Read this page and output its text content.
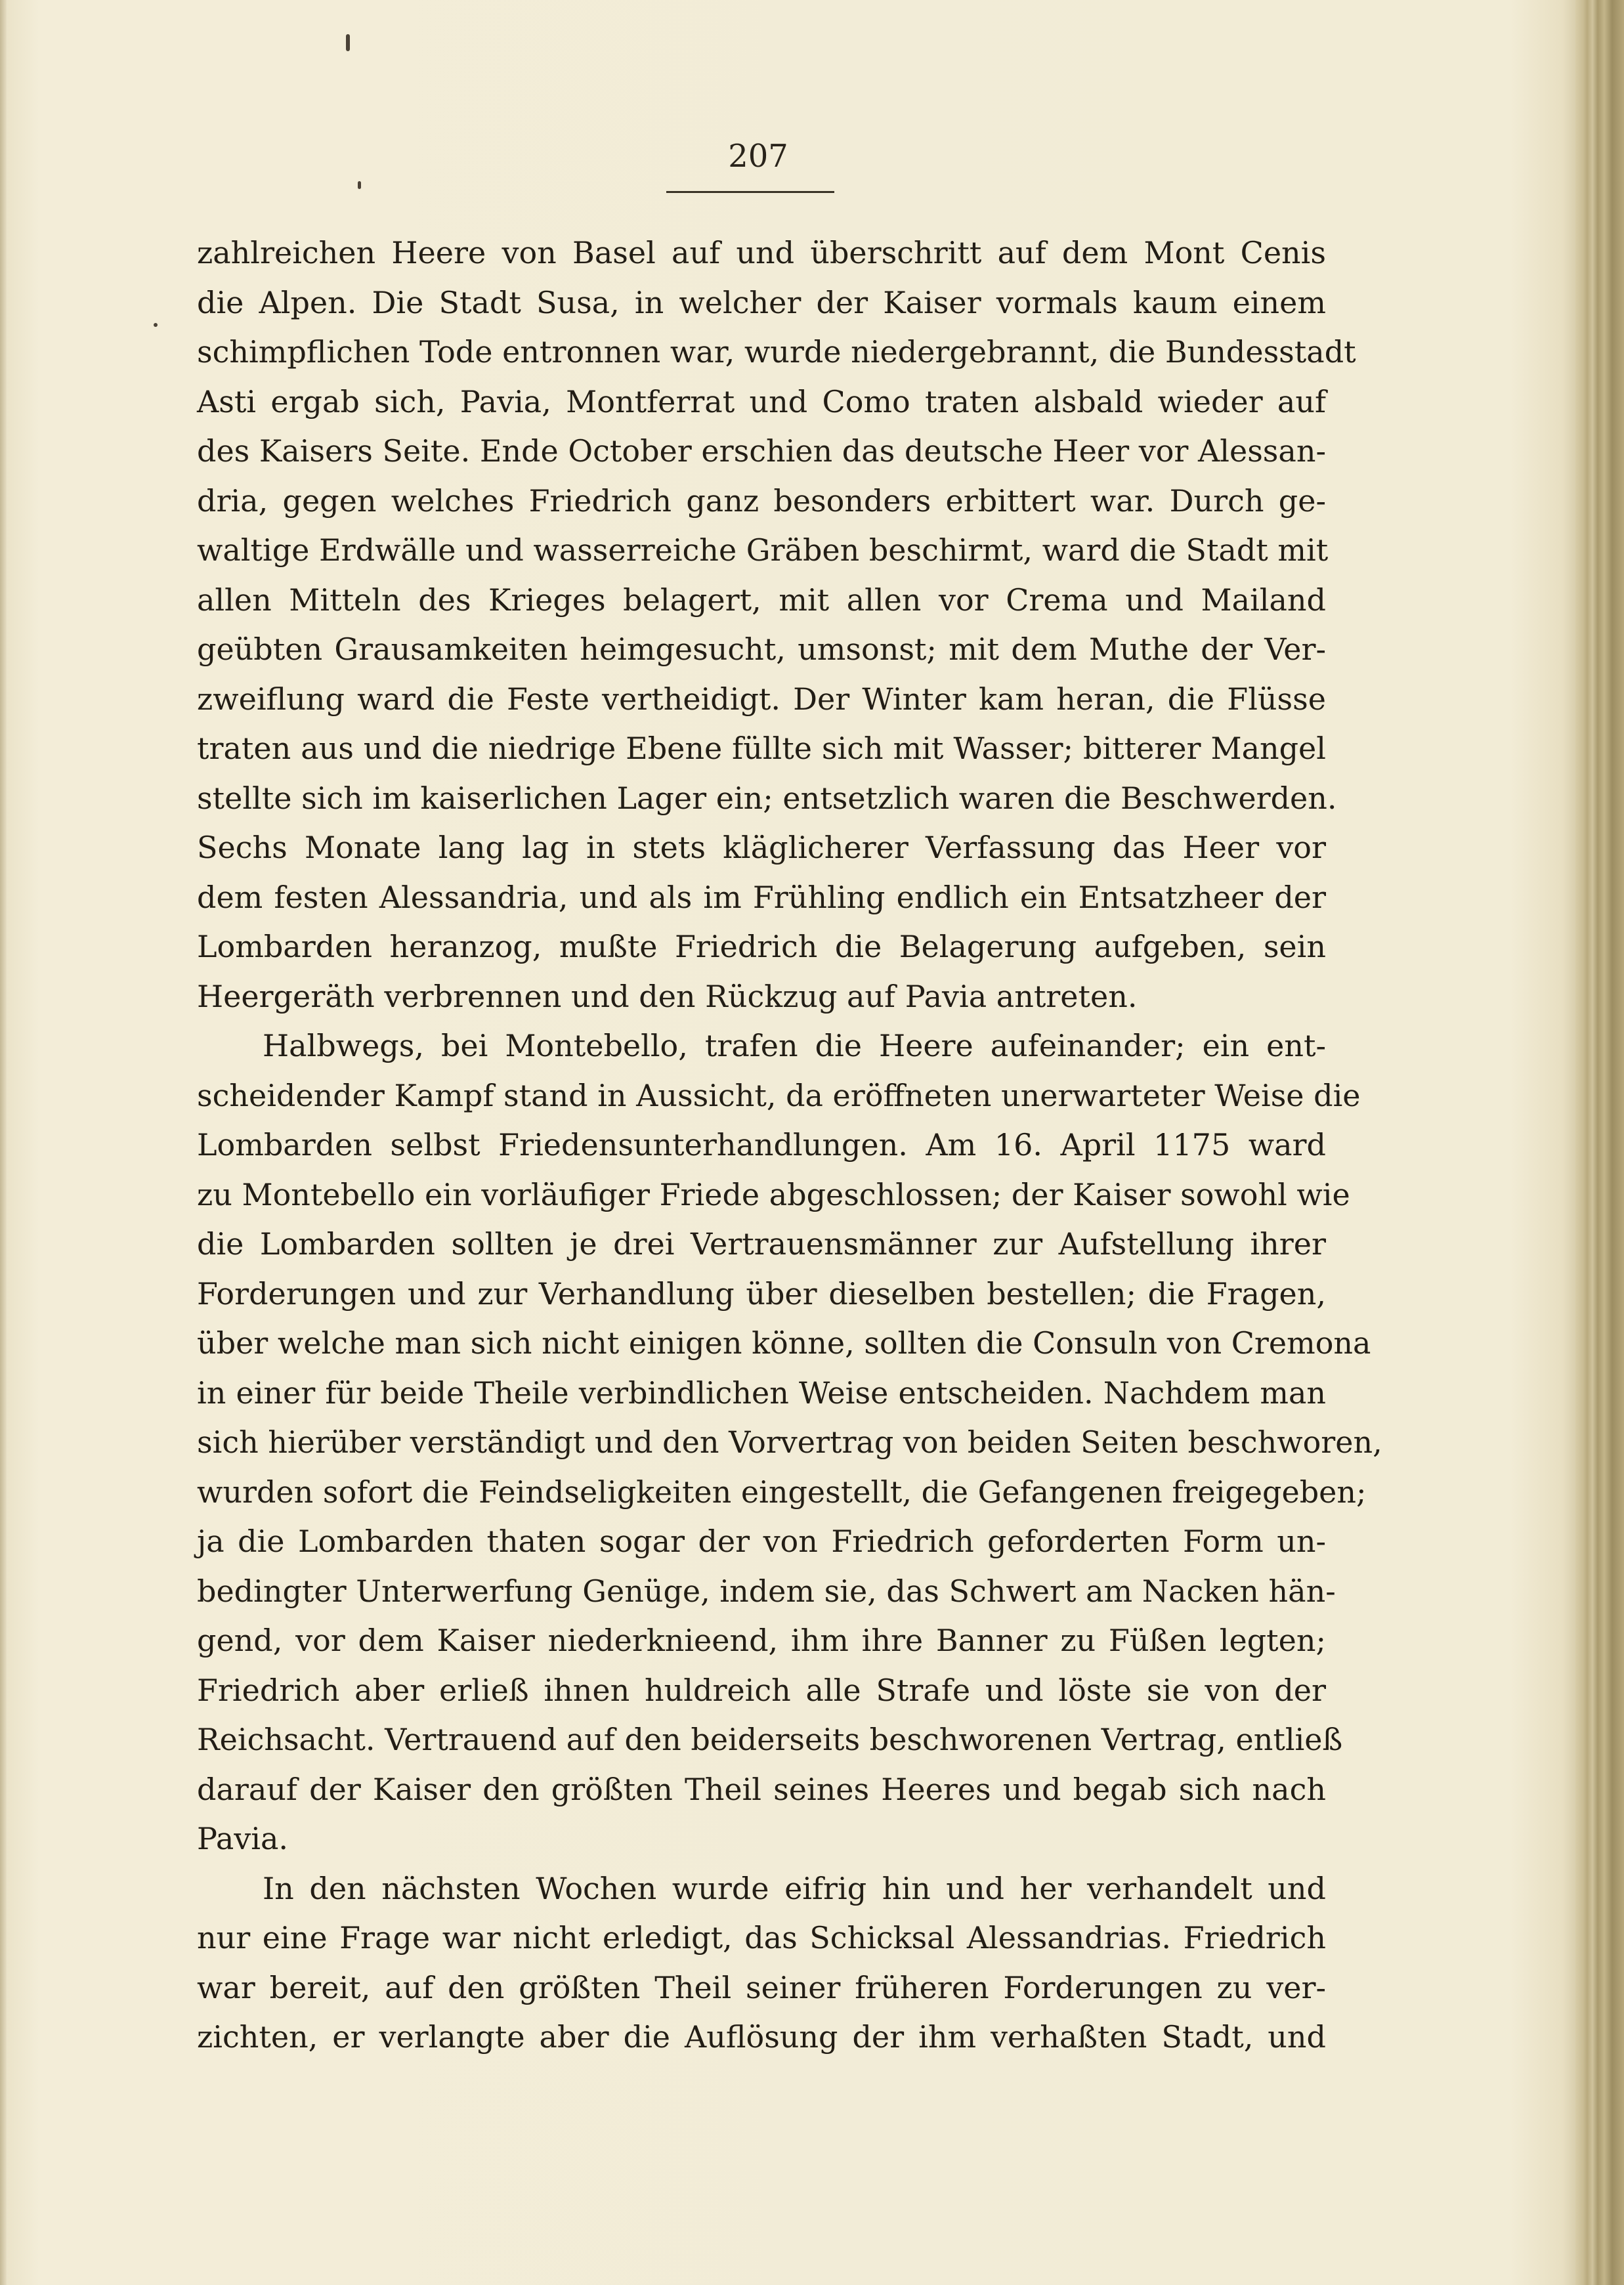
207
zahlreichen Heere von Basel auf und überschritt auf dem Mont Cenis
die Alpen. Die Stadt Susa, in welcher der Kaiser vormals kaum einem
schimpflichen Tode entronnen war, wurde niedergebrannt, die Bundesstadt
Asti ergab sich, Pavia, Montferrat und Como traten alsbald wieder auf
des Kaisers Seite. Ende October erschien das deutsche Heer vor Alessan-
dria, gegen welches Friedrich ganz besonders erbittert war. Durch ge-
waltige Erdwälle und wasserreiche Gräben beschirmt, ward die Stadt mit
allen Mitteln des Krieges belagert, mit allen vor Crema und Mailand
geübten Grausamkeiten heimgesucht, umsonst; mit dem Muthe der Ver-
zweiflung ward die Feste vertheidigt. Der Winter kam heran, die Flüsse
traten aus und die niedrige Ebene füllte sich mit Wasser; bitterer Mangel
stellte sich im kaiserlichen Lager ein; entsetzlich waren die Beschwerden.
Sechs Monate lang lag in stets kläglicherer Verfassung das Heer vor
dem festen Alessandria, und als im Frühling endlich ein Entsatzheer der
Lombarden heranzog, mußte Friedrich die Belagerung aufgeben, sein
Heergeräth verbrennen und den Rückzug auf Pavia antreten.
Halbwegs, bei Montebello, trafen die Heere aufeinander; ein ent-
scheidender Kampf stand in Aussicht, da eröffneten unerwarteter Weise die
Lombarden selbst Friedensunterhandlungen. Am 16. April 1175 ward
zu Montebello ein vorläufiger Friede abgeschlossen; der Kaiser sowohl wie
die Lombarden sollten je drei Vertrauensmänner zur Aufstellung ihrer
Forderungen und zur Verhandlung über dieselben bestellen; die Fragen,
über welche man sich nicht einigen könne, sollten die Consuln von Cremona
in einer für beide Theile verbindlichen Weise entscheiden. Nachdem man
sich hierüber verständigt und den Vorvertrag von beiden Seiten beschworen,
wurden sofort die Feindseligkeiten eingestellt, die Gefangenen freigegeben;
ja die Lombarden thaten sogar der von Friedrich geforderten Form un-
bedingter Unterwerfung Genüge, indem sie, das Schwert am Nacken hän-
gend, vor dem Kaiser niederknieend, ihm ihre Banner zu Füßen legten;
Friedrich aber erließ ihnen huldreich alle Strafe und löste sie von der
Reichsacht. Vertrauend auf den beiderseits beschworenen Vertrag, entließ
darauf der Kaiser den größten Theil seines Heeres und begab sich nach
Pavia.
In den nächsten Wochen wurde eifrig hin und her verhandelt und
nur eine Frage war nicht erledigt, das Schicksal Alessandrias. Friedrich
war bereit, auf den größten Theil seiner früheren Forderungen zu ver-
zichten, er verlangte aber die Auflösung der ihm verhaßten Stadt, und
